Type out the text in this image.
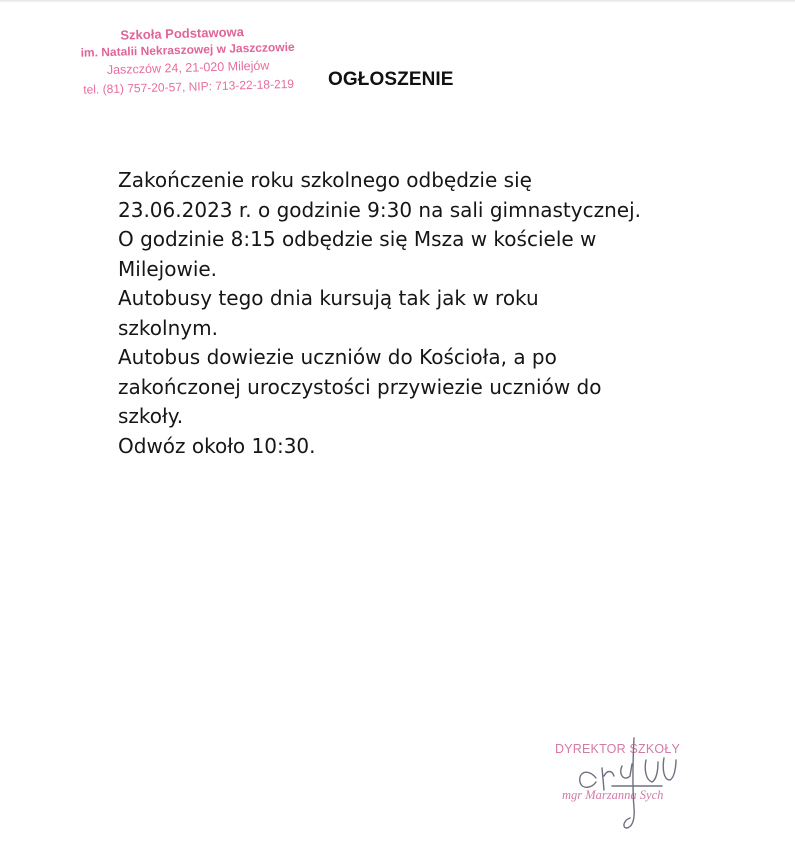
Szkoła Podstawowa
im. Natalii Nekraszowej w Jaszczowie
Jaszczów 24, 21-020 Milejów
tel. (81) 757-20-57, NIP: 713-22-18-219	OGŁOSZENIE
Zakończenie roku szkolnego odbędzie się
23.06.2023 r. o godzinie 9:30 na sali gimnastycznej.
O godzinie 8:15 odbędzie się Msza w kościele w
Milejowie.
Autobusy tego dnia kursują tak jak w roku
szkolnym.
Autobus dowiezie uczniów do Kościoła, a po
zakończonej uroczystości przywiezie uczniów do
szkoły.
Odwóz około 10:30.
DYREKTOR SZKOŁY
mgr Marzanna Sych
